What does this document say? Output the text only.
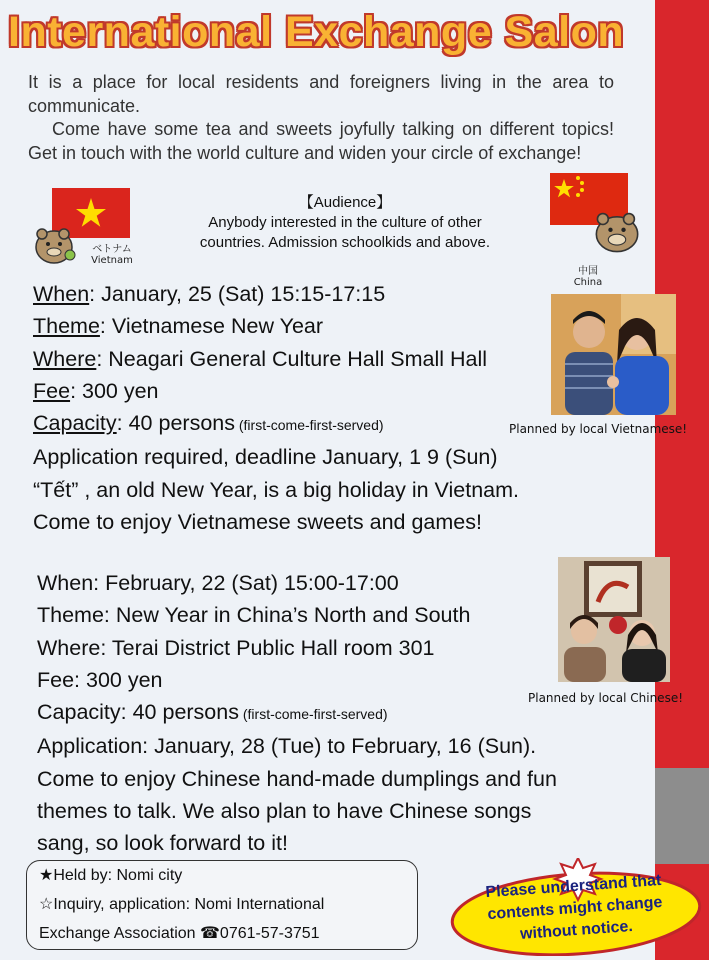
International Exchange Salon

It is a place for local residents and foreigners living in the area to communicate.

Come have some tea and sweets joyfully talking on different topics! Get in touch with the world culture and widen your circle of exchange!

ベトナム
Vietnam
中国
China
【Audience】
Anybody interested in the culture of other
countries. Admission schoolkids and above.
When: January, 25 (Sat) 15:15-17:15
Theme: Vietnamese New Year
Where: Neagari General Culture Hall Small Hall
Fee: 300 yen
Capacity: 40 persons (first-come-first-served)
Application required, deadline January, 1 9 (Sun)
“Tết” , an old New Year, is a big holiday in Vietnam.
Come to enjoy Vietnamese sweets and games!
Planned by local Vietnamese!
When: February, 22 (Sat) 15:00-17:00
Theme: New Year in China’s North and South
Where: Terai District Public Hall room 301
Fee: 300 yen
Capacity: 40 persons (first-come-first-served)
Application: January, 28 (Tue) to February, 16 (Sun).
Come to enjoy Chinese hand-made dumplings and fun
themes to talk. We also plan to have Chinese songs
sang, so look forward to it!
Planned by local Chinese!
★Held by: Nomi city
☆Inquiry, application: Nomi International
Exchange Association ☎0761-57-3751
Please understand that
contents might change
without notice.
